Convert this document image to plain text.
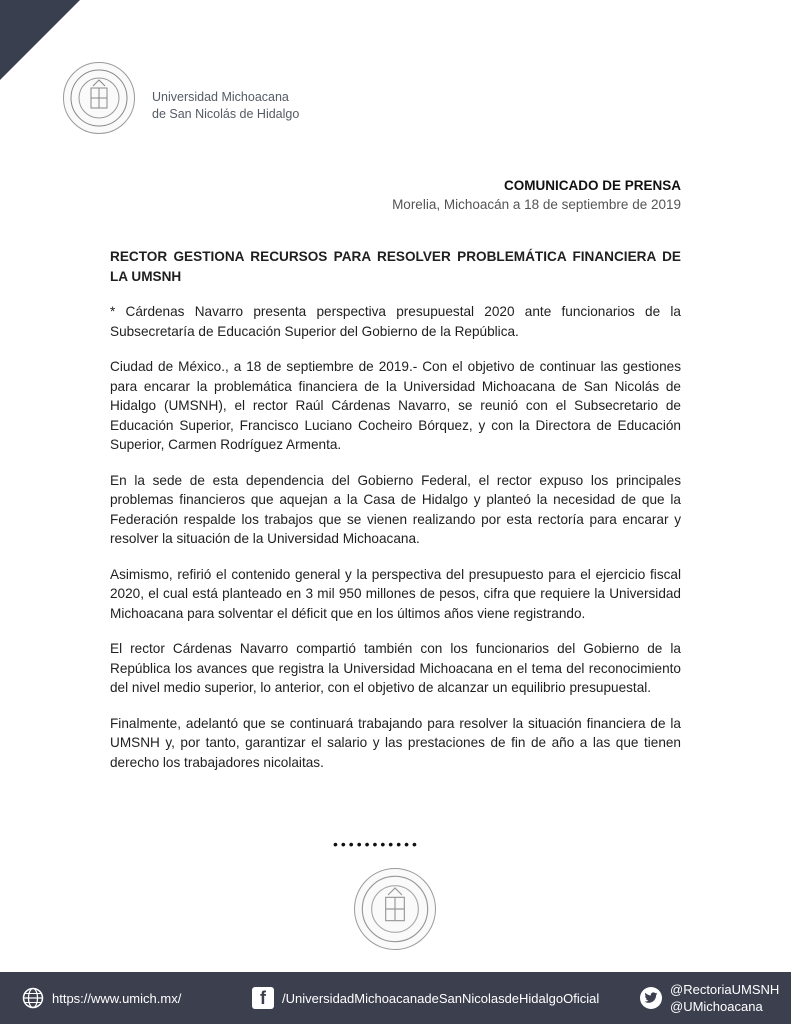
Universidad Michoacana
de San Nicolás de Hidalgo
COMUNICADO DE PRENSA
Morelia, Michoacán a 18 de septiembre de 2019
RECTOR GESTIONA RECURSOS PARA RESOLVER PROBLEMÁTICA FINANCIERA DE LA UMSNH

* Cárdenas Navarro presenta perspectiva presupuestal 2020 ante funcionarios de la Subsecretaría de Educación Superior del Gobierno de la República.

Ciudad de México., a 18 de septiembre de 2019.- Con el objetivo de continuar las gestiones para encarar la problemática financiera de la Universidad Michoacana de San Nicolás de Hidalgo (UMSNH), el rector Raúl Cárdenas Navarro, se reunió con el Subsecretario de Educación Superior, Francisco Luciano Cocheiro Bórquez, y con la Directora de Educación Superior, Carmen Rodríguez Armenta.

En la sede de esta dependencia del Gobierno Federal, el rector expuso los principales problemas financieros que aquejan a la Casa de Hidalgo y planteó la necesidad de que la Federación respalde los trabajos que se vienen realizando por esta rectoría para encarar y resolver la situación de la Universidad Michoacana.

Asimismo, refirió el contenido general y la perspectiva del presupuesto para el ejercicio fiscal 2020, el cual está planteado en 3 mil 950 millones de pesos, cifra que requiere la Universidad Michoacana para solventar el déficit que en los últimos años viene registrando.

El rector Cárdenas Navarro compartió también con los funcionarios del Gobierno de la República los avances que registra la Universidad Michoacana en el tema del reconocimiento del nivel medio superior, lo anterior, con el objetivo de alcanzar un equilibrio presupuestal.

Finalmente, adelantó que se continuará trabajando para resolver la situación financiera de la UMSNH y, por tanto, garantizar el salario y las prestaciones de fin de año a las que tienen derecho los trabajadores nicolaitas.

•••••••••••
https://www.umich.mx/	f	/UniversidadMichoacanadeSanNicolasdeHidalgoOficial
@RectoriaUMSNH
@UMichoacana
